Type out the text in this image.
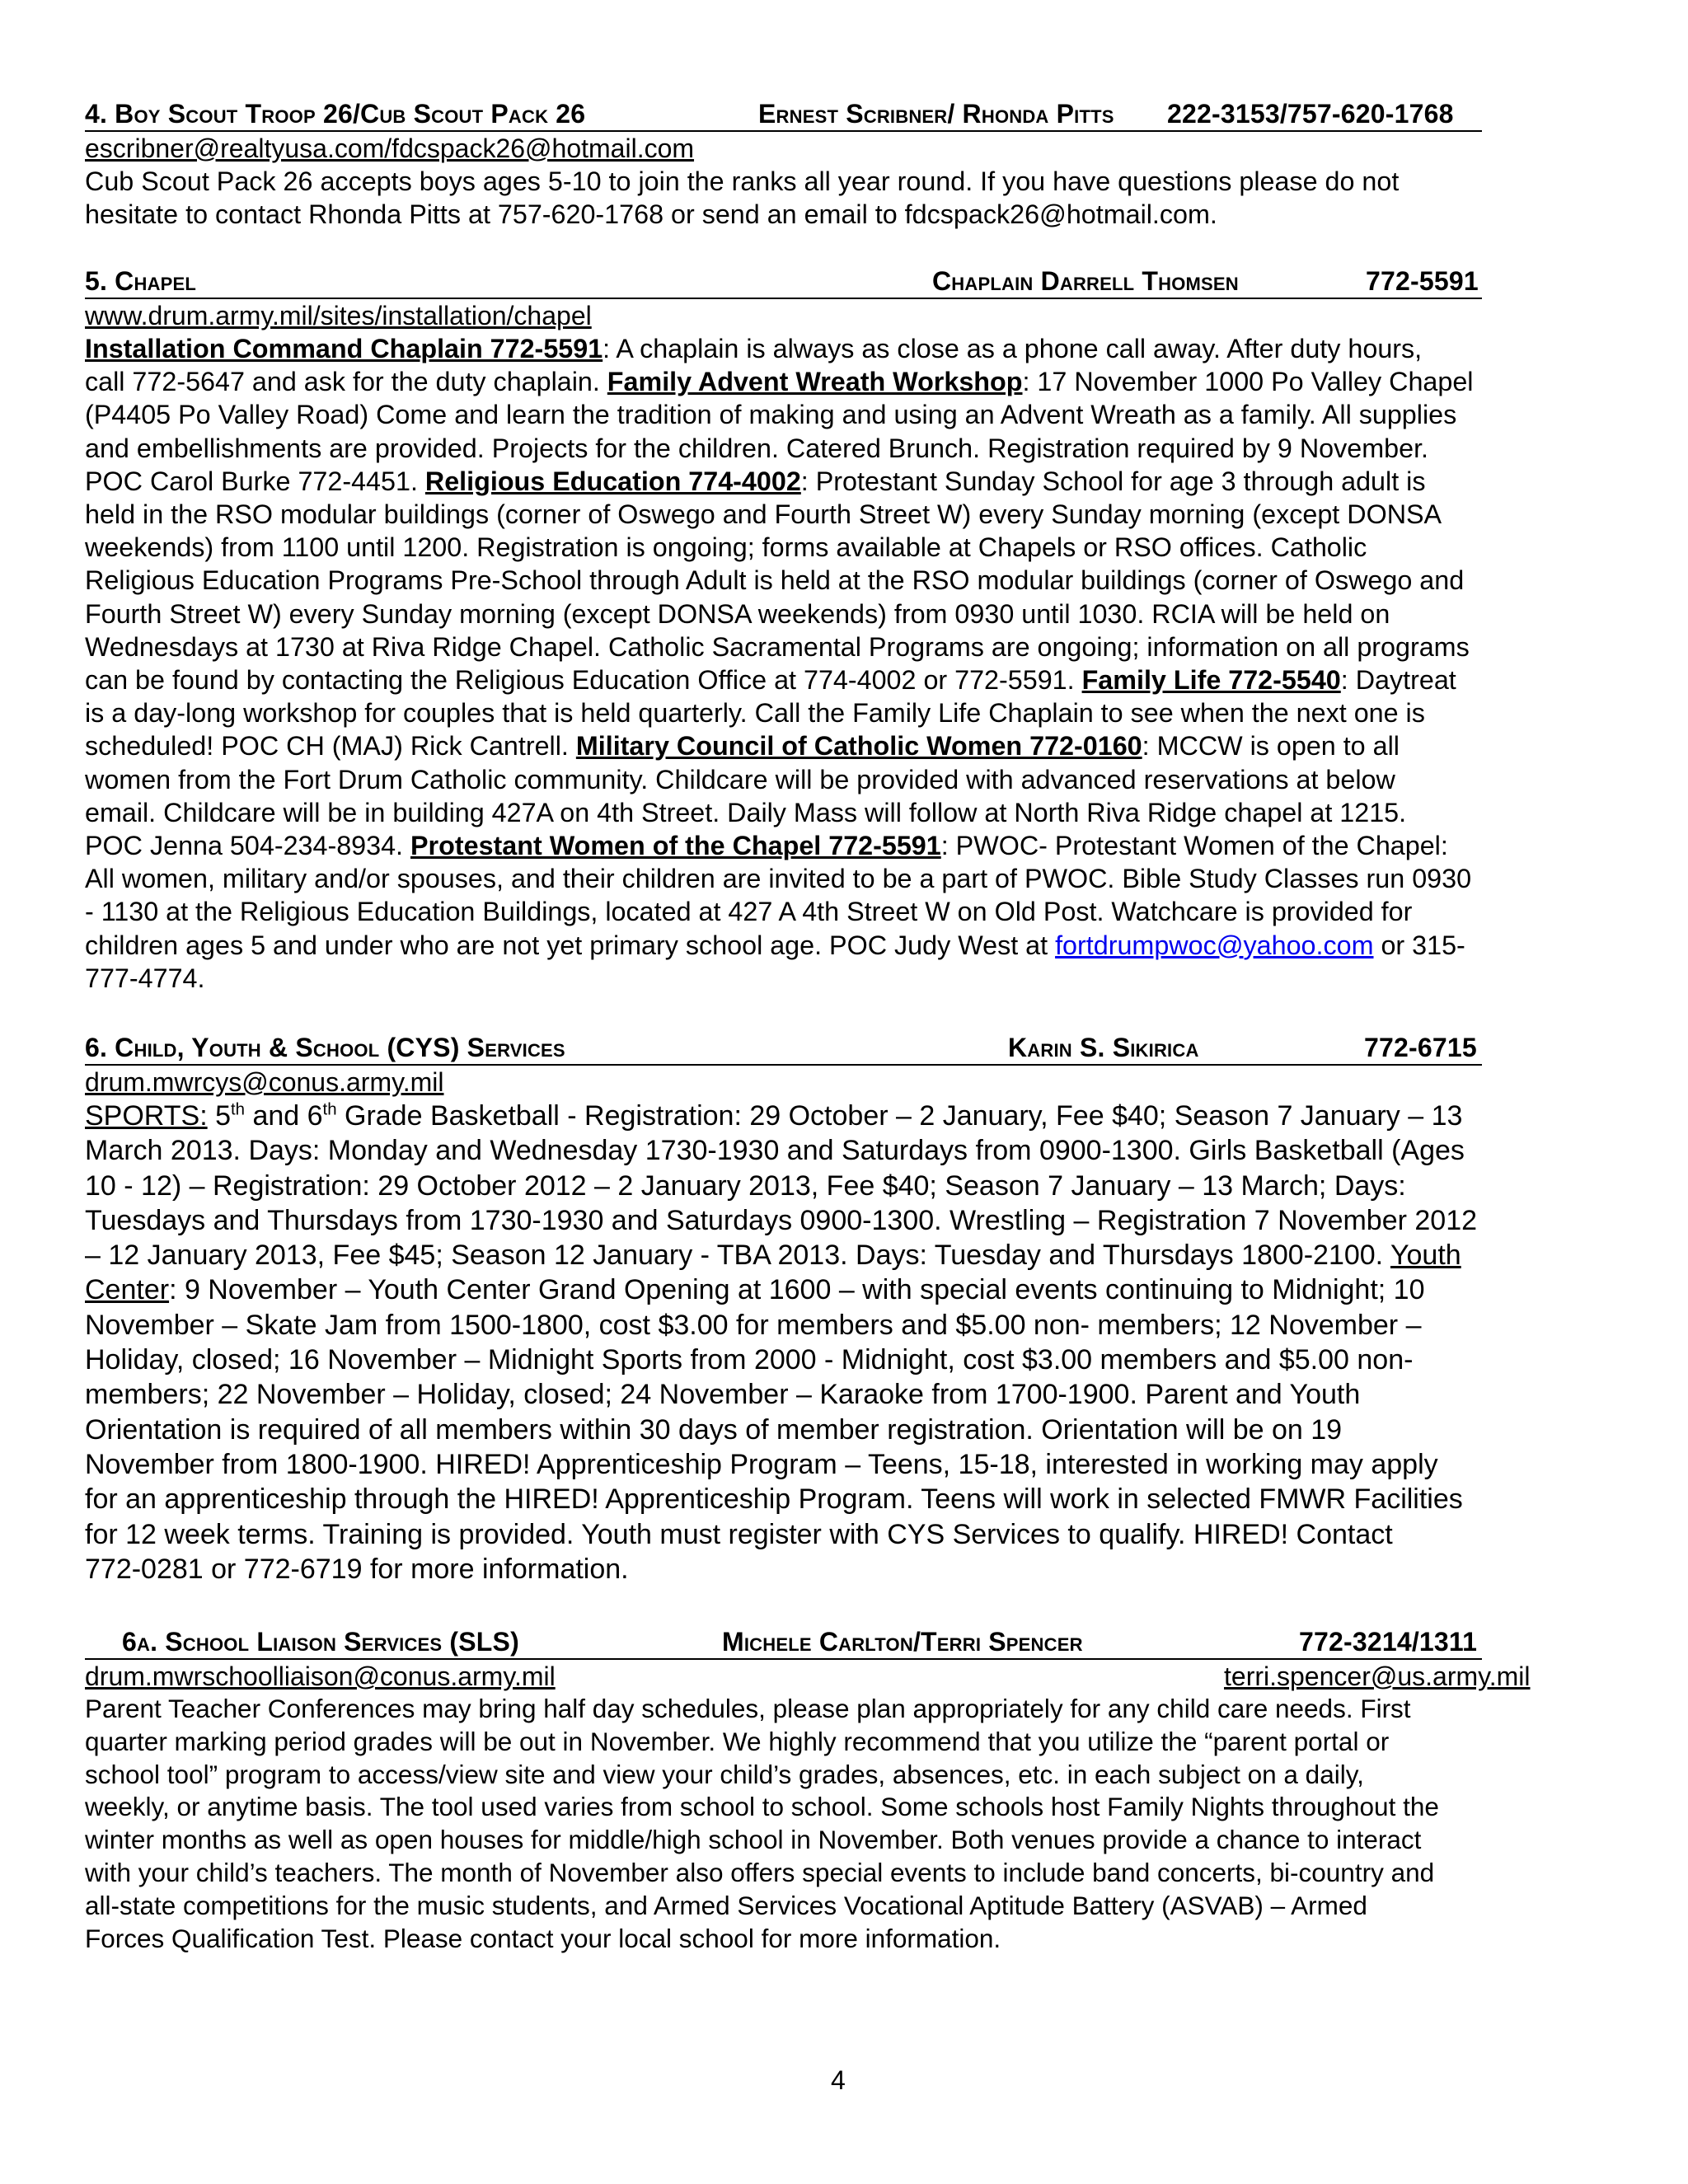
4. Boy Scout Troop 26/Cub Scout Pack 26	Ernest Scribner/ Rhonda Pitts 222-3153/757-620-1768
escribner@realtyusa.com/fdcspack26@hotmail.com

Cub Scout Pack 26 accepts boys ages 5-10 to join the ranks all year round. If you have questions please do not
hesitate to contact Rhonda Pitts at 757-620-1768 or send an email to fdcspack26@hotmail.com.

5. Chapel	Chaplain Darrell Thomsen	772-5591
www.drum.army.mil/sites/installation/chapel

Installation Command Chaplain 772-5591: A chaplain is always as close as a phone call away. After duty hours,
call 772-5647 and ask for the duty chaplain. Family Advent Wreath Workshop: 17 November 1000 Po Valley Chapel
(P4405 Po Valley Road) Come and learn the tradition of making and using an Advent Wreath as a family. All supplies
and embellishments are provided. Projects for the children. Catered Brunch. Registration required by 9 November.
POC Carol Burke 772-4451. Religious Education 774-4002: Protestant Sunday School for age 3 through adult is
held in the RSO modular buildings (corner of Oswego and Fourth Street W) every Sunday morning (except DONSA
weekends) from 1100 until 1200. Registration is ongoing; forms available at Chapels or RSO offices. Catholic
Religious Education Programs Pre-School through Adult is held at the RSO modular buildings (corner of Oswego and
Fourth Street W) every Sunday morning (except DONSA weekends) from 0930 until 1030. RCIA will be held on
Wednesdays at 1730 at Riva Ridge Chapel. Catholic Sacramental Programs are ongoing; information on all programs
can be found by contacting the Religious Education Office at 774-4002 or 772-5591. Family Life 772-5540: Daytreat
is a day-long workshop for couples that is held quarterly. Call the Family Life Chaplain to see when the next one is
scheduled! POC CH (MAJ) Rick Cantrell. Military Council of Catholic Women 772-0160: MCCW is open to all
women from the Fort Drum Catholic community. Childcare will be provided with advanced reservations at below
email. Childcare will be in building 427A on 4th Street. Daily Mass will follow at North Riva Ridge chapel at 1215.
POC Jenna 504-234-8934. Protestant Women of the Chapel 772-5591: PWOC- Protestant Women of the Chapel:
All women, military and/or spouses, and their children are invited to be a part of PWOC. Bible Study Classes run 0930
- 1130 at the Religious Education Buildings, located at 427 A 4th Street W on Old Post. Watchcare is provided for
children ages 5 and under who are not yet primary school age. POC Judy West at fortdrumpwoc@yahoo.com or 315-
777-4774.

6. Child, Youth & School (CYS) Services	Karin S. Sikirica	772-6715
drum.mwrcys@conus.army.mil

SPORTS: 5th and 6th Grade Basketball - Registration: 29 October – 2 January, Fee $40; Season 7 January – 13
March 2013. Days: Monday and Wednesday 1730-1930 and Saturdays from 0900-1300. Girls Basketball (Ages
10 - 12) – Registration: 29 October 2012 – 2 January 2013, Fee $40; Season 7 January – 13 March; Days:
Tuesdays and Thursdays from 1730-1930 and Saturdays 0900-1300. Wrestling – Registration 7 November 2012
– 12 January 2013, Fee $45; Season 12 January - TBA 2013. Days: Tuesday and Thursdays 1800-2100. Youth
Center: 9 November – Youth Center Grand Opening at 1600 – with special events continuing to Midnight; 10
November – Skate Jam from 1500-1800, cost $3.00 for members and $5.00 non- members; 12 November –
Holiday, closed; 16 November – Midnight Sports from 2000 - Midnight, cost $3.00 members and $5.00 non-
members; 22 November – Holiday, closed; 24 November – Karaoke from 1700-1900. Parent and Youth
Orientation is required of all members within 30 days of member registration. Orientation will be on 19
November from 1800-1900. HIRED! Apprenticeship Program – Teens, 15-18, interested in working may apply
for an apprenticeship through the HIRED! Apprenticeship Program. Teens will work in selected FMWR Facilities
for 12 week terms. Training is provided. Youth must register with CYS Services to qualify. HIRED! Contact
772-0281 or 772-6719 for more information.

6a. School Liaison Services (SLS)	Michele Carlton/Terri Spencer	772-3214/1311
drum.mwrschoolliaison@conus.army.mil	terri.spencer@us.army.mil

Parent Teacher Conferences may bring half day schedules, please plan appropriately for any child care needs. First
quarter marking period grades will be out in November. We highly recommend that you utilize the “parent portal or
school tool” program to access/view site and view your child’s grades, absences, etc. in each subject on a daily,
weekly, or anytime basis. The tool used varies from school to school. Some schools host Family Nights throughout the
winter months as well as open houses for middle/high school in November. Both venues provide a chance to interact
with your child’s teachers. The month of November also offers special events to include band concerts, bi-country and
all-state competitions for the music students, and Armed Services Vocational Aptitude Battery (ASVAB) – Armed
Forces Qualification Test. Please contact your local school for more information.

4
